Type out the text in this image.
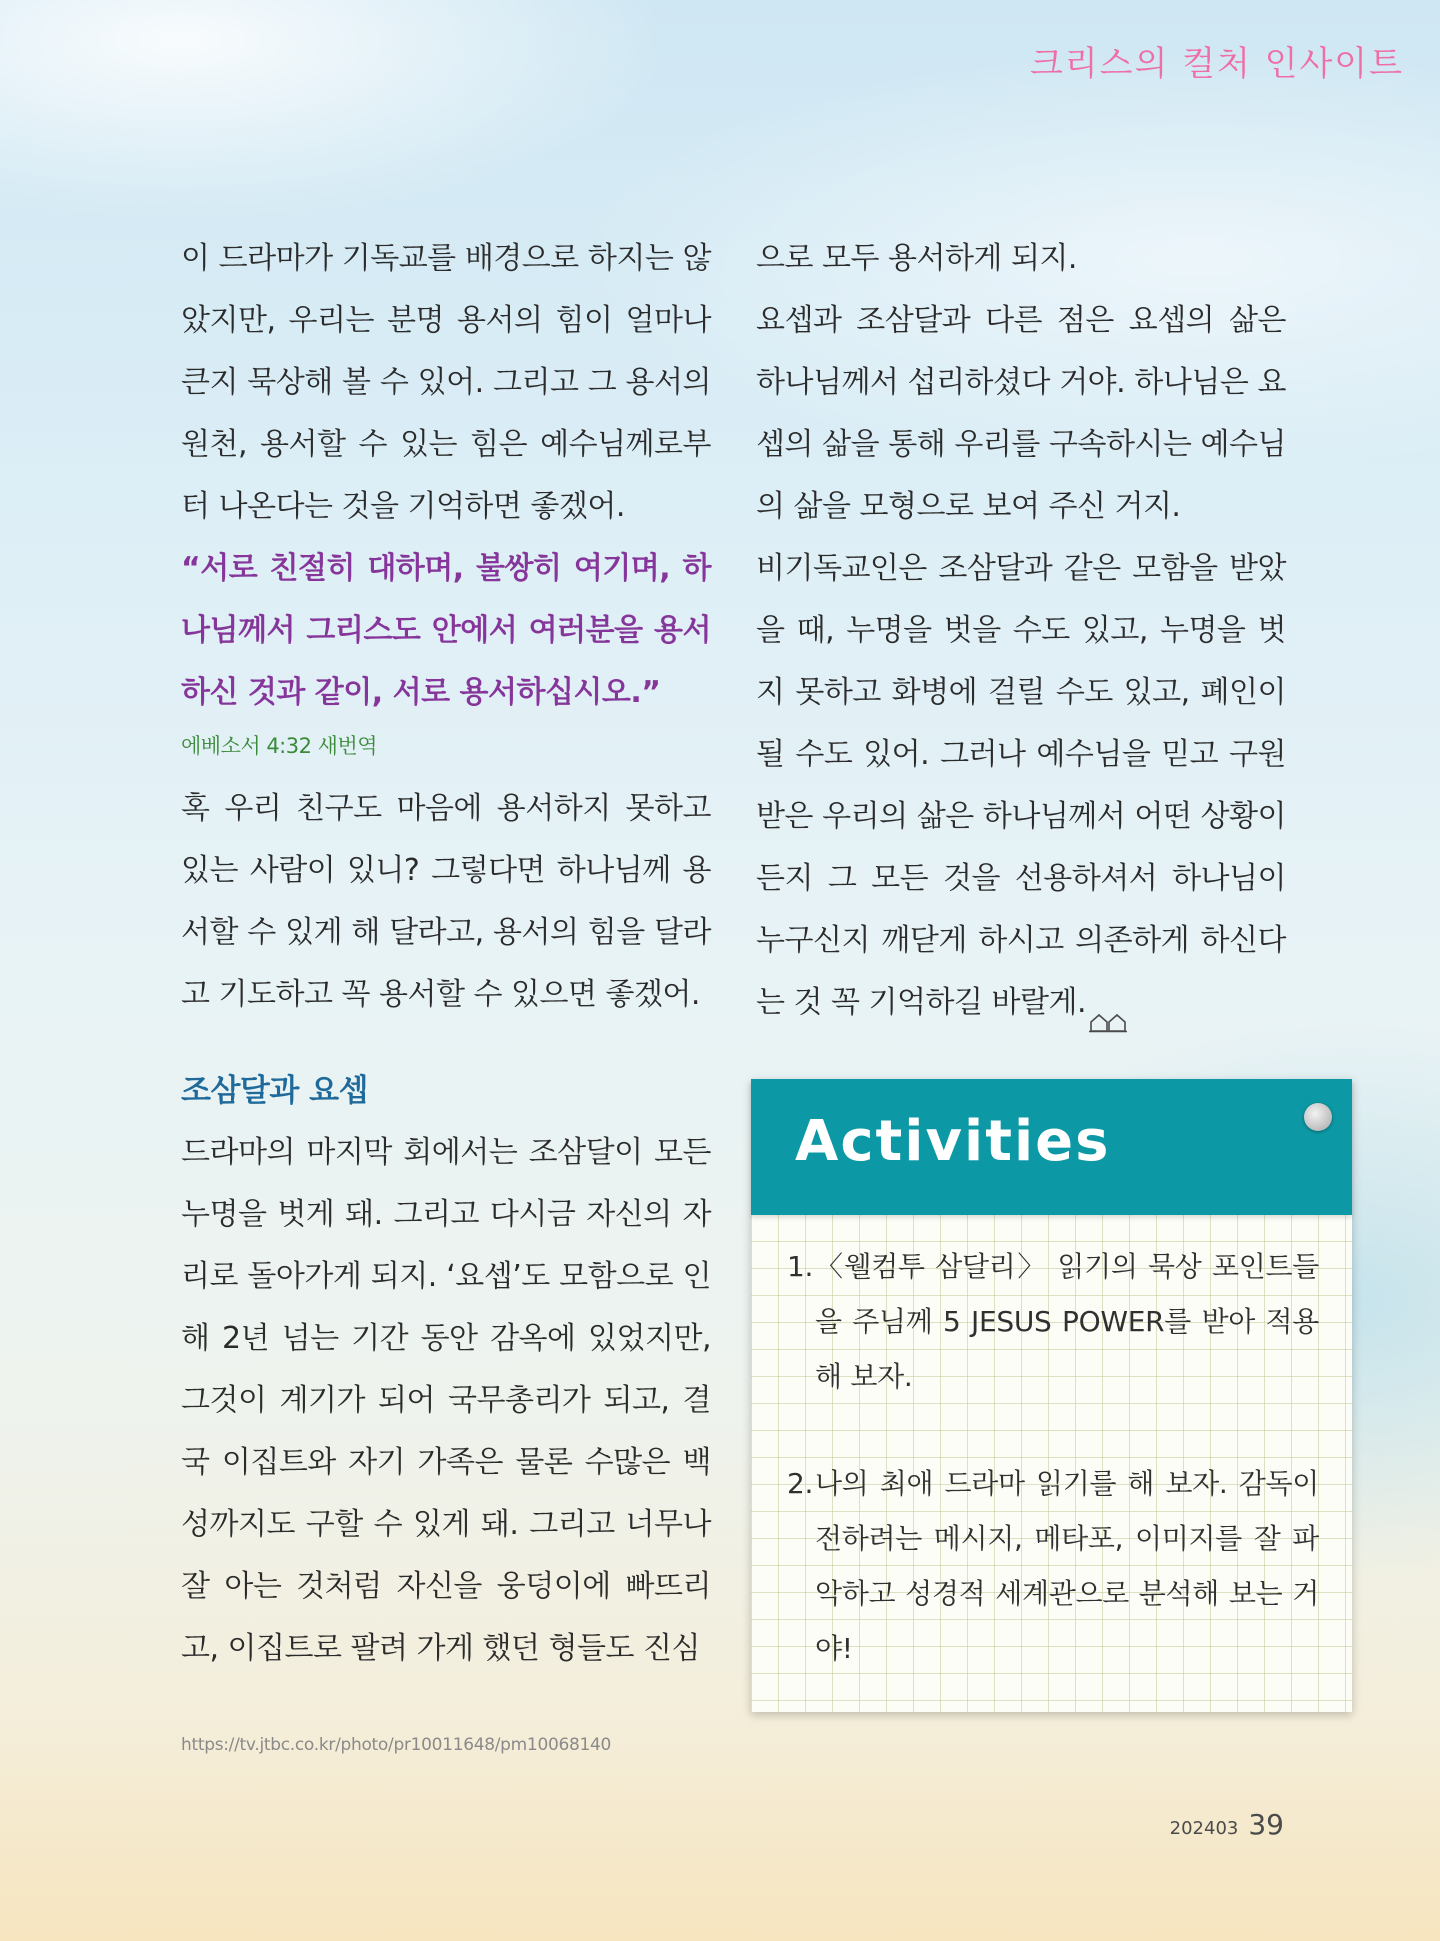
크리스의 컬처 인사이트

이 드라마가 기독교를 배경으로 하지는 않았지만, 우리는 분명 용서의 힘이 얼마나 큰지 묵상해 볼 수 있어. 그리고 그 용서의 원천, 용서할 수 있는 힘은 예수님께로부터 나온다는 것을 기억하면 좋겠어.

“서로 친절히 대하며, 불쌍히 여기며, 하나님께서 그리스도 안에서 여러분을 용서하신 것과 같이, 서로 용서하십시오.”

에베소서 4:32 새번역

혹 우리 친구도 마음에 용서하지 못하고 있는 사람이 있니? 그렇다면 하나님께 용서할 수 있게 해 달라고, 용서의 힘을 달라고 기도하고 꼭 용서할 수 있으면 좋겠어.

조삼달과 요셉

드라마의 마지막 회에서는 조삼달이 모든 누명을 벗게 돼. 그리고 다시금 자신의 자리로 돌아가게 되지. ‘요셉’도 모함으로 인해 2년 넘는 기간 동안 감옥에 있었지만, 그것이 계기가 되어 국무총리가 되고, 결국 이집트와 자기 가족은 물론 수많은 백성까지도 구할 수 있게 돼. 그리고 너무나 잘 아는 것처럼 자신을 웅덩이에 빠뜨리고, 이집트로 팔려 가게 했던 형들도 진심

으로 모두 용서하게 되지.

요셉과 조삼달과 다른 점은 요셉의 삶은 하나님께서 섭리하셨다 거야. 하나님은 요셉의 삶을 통해 우리를 구속하시는 예수님의 삶을 모형으로 보여 주신 거지.

비기독교인은 조삼달과 같은 모함을 받았을 때, 누명을 벗을 수도 있고, 누명을 벗지 못하고 화병에 걸릴 수도 있고, 폐인이 될 수도 있어. 그러나 예수님을 믿고 구원받은 우리의 삶은 하나님께서 어떤 상황이든지 그 모든 것을 선용하셔서 하나님이 누구신지 깨닫게 하시고 의존하게 하신다는 것 꼭 기억하길 바랄게.

Activities
1. 〈웰컴투 삼달리〉 읽기의 묵상 포인트들을 주님께 5 JESUS POWER를 받아 적용해 보자.
2. 나의 최애 드라마 읽기를 해 보자. 감독이 전하려는 메시지, 메타포, 이미지를 잘 파악하고 성경적 세계관으로 분석해 보는 거야!
https://tv.jtbc.co.kr/photo/pr10011648/pm10068140
202403 39
